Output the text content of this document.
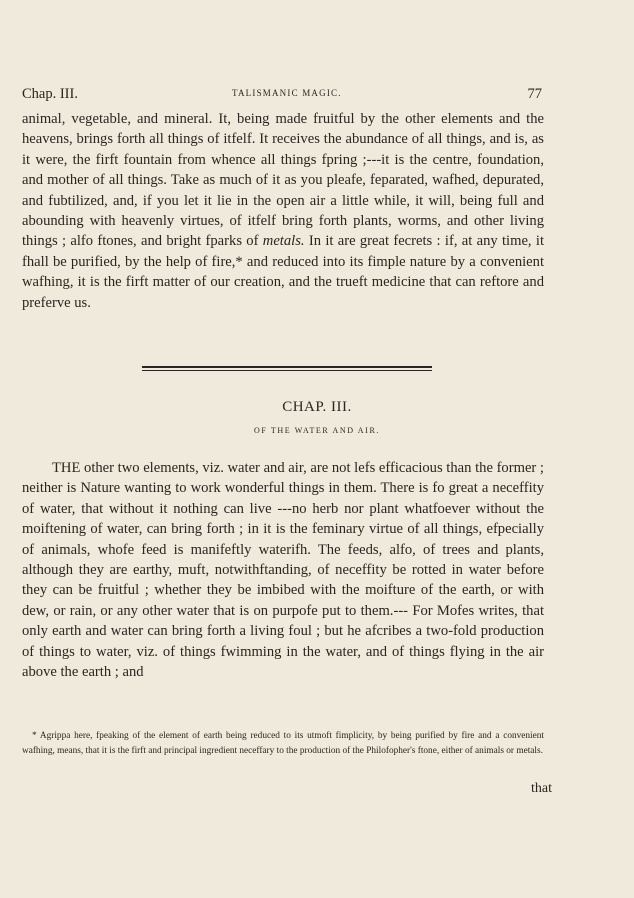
Chap. III.	TALISMANIC MAGIC.	77

animal, vegetable, and mineral. It, being made fruitful by the other elements and the heavens, brings forth all things of itfelf. It receives the abundance of all things, and is, as it were, the firft fountain from whence all things fpring ;---it is the centre, foundation, and mother of all things. Take as much of it as you pleafe, feparated, wafhed, depurated, and fubtilized, and, if you let it lie in the open air a little while, it will, being full and abounding with heavenly virtues, of itfelf bring forth plants, worms, and other living things ; alfo ftones, and bright fparks of metals. In it are great fecrets : if, at any time, it fhall be purified, by the help of fire,* and reduced into its fimple nature by a convenient wafhing, it is the firft matter of our creation, and the trueft medicine that can reftore and preferve us.

CHAP. III.
OF THE WATER AND AIR.

THE other two elements, viz. water and air, are not lefs efficacious than the former ; neither is Nature wanting to work wonderful things in them. There is fo great a neceffity of water, that without it nothing can live ---no herb nor plant whatfoever without the moiftening of water, can bring forth ; in it is the feminary virtue of all things, efpecially of animals, whofe feed is manifeftly waterifh. The feeds, alfo, of trees and plants, although they are earthy, muft, notwithftanding, of neceffity be rotted in water before they can be fruitful ; whether they be imbibed with the moifture of the earth, or with dew, or rain, or any other water that is on purpofe put to them.--- For Mofes writes, that only earth and water can bring forth a living foul ; but he afcribes a two-fold production of things to water, viz. of things fwimming in the water, and of things flying in the air above the earth ; and

* Agrippa here, fpeaking of the element of earth being reduced to its utmoft fimplicity, by being purified by fire and a convenient wafhing, means, that it is the firft and principal ingredient neceffary to the production of the Philofopher's ftone, either of animals or metals.

that
